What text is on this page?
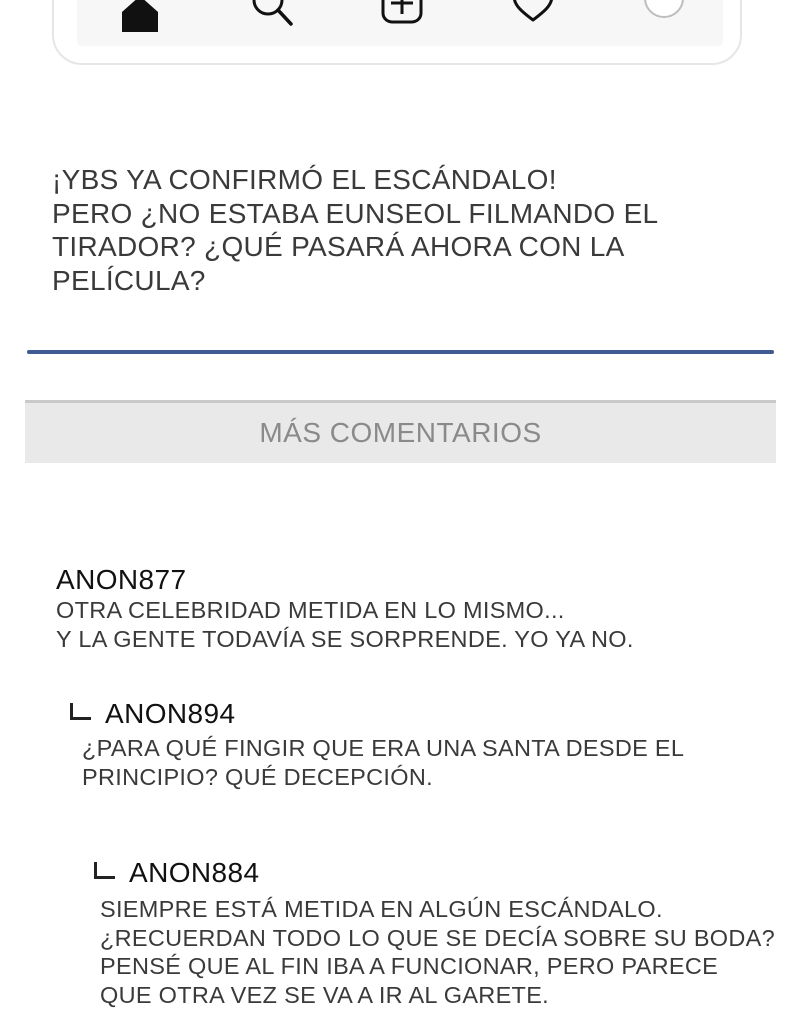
¡YBS YA CONFIRMÓ EL ESCÁNDALO!
PERO ¿NO ESTABA EUNSEOL FILMANDO EL
TIRADOR? ¿QUÉ PASARÁ AHORA CON LA
PELÍCULA?

MÁS COMENTARIOS
ANON877
OTRA CELEBRIDAD METIDA EN LO MISMO...
Y LA GENTE TODAVÍA SE SORPRENDE. YO YA NO.
ANON894
¿PARA QUÉ FINGIR QUE ERA UNA SANTA DESDE EL
PRINCIPIO? QUÉ DECEPCIÓN.
ANON884
SIEMPRE ESTÁ METIDA EN ALGÚN ESCÁNDALO.
¿RECUERDAN TODO LO QUE SE DECÍA SOBRE SU BODA?
PENSÉ QUE AL FIN IBA A FUNCIONAR, PERO PARECE
QUE OTRA VEZ SE VA A IR AL GARETE.
